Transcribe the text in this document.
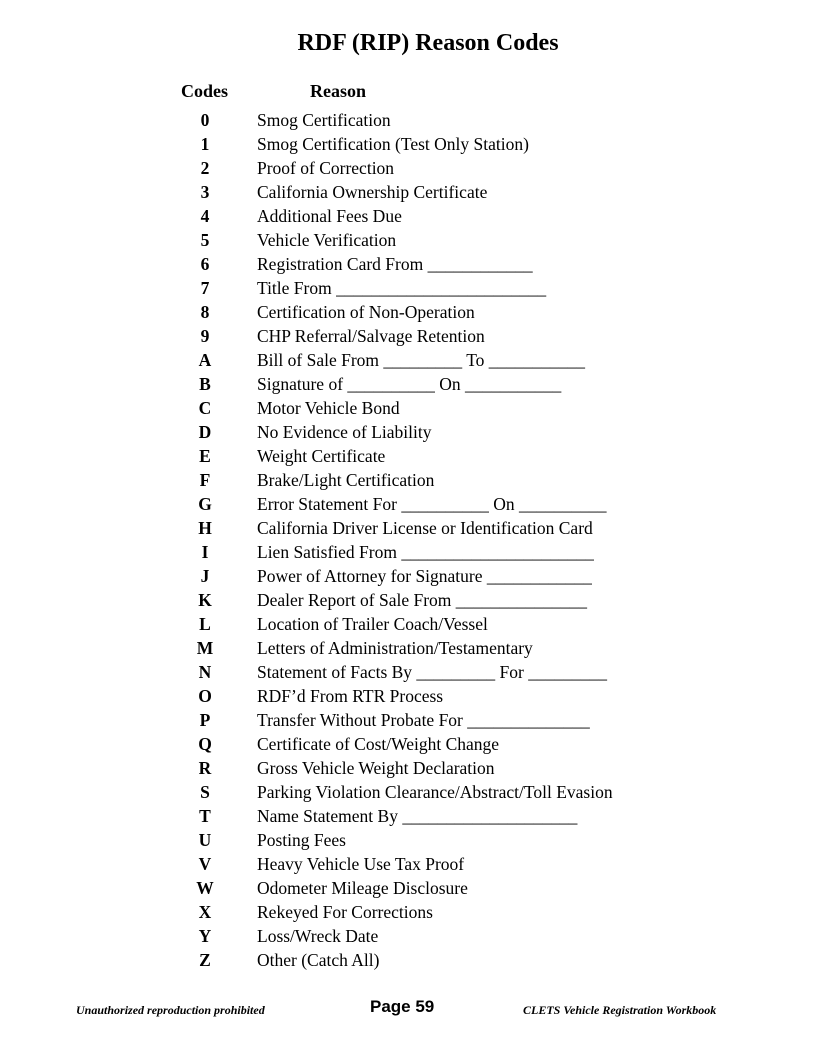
RDF (RIP) Reason Codes
Codes	Reason
0	Smog Certification
1	Smog Certification (Test Only Station)
2	Proof of Correction
3	California Ownership Certificate
4	Additional Fees Due
5	Vehicle Verification
6	Registration Card From ____________
7	Title From ________________________
8	Certification of Non-Operation
9	CHP Referral/Salvage Retention
A	Bill of Sale From _________ To ___________
B	Signature of __________ On ___________
C	Motor Vehicle Bond
D	No Evidence of Liability
E	Weight Certificate
F	Brake/Light Certification
G	Error Statement For __________ On __________
H	California Driver License or Identification Card
I	Lien Satisfied From ______________________
J	Power of Attorney for Signature ____________
K	Dealer Report of Sale From _______________
L	Location of Trailer Coach/Vessel
M	Letters of Administration/Testamentary
N	Statement of Facts By _________ For _________
O	RDF’d From RTR Process
P	Transfer Without Probate For ______________
Q	Certificate of Cost/Weight Change
R	Gross Vehicle Weight Declaration
S	Parking Violation Clearance/Abstract/Toll Evasion
T	Name Statement By ____________________
U	Posting Fees
V	Heavy Vehicle Use Tax Proof
W	Odometer Mileage Disclosure
X	Rekeyed For Corrections
Y	Loss/Wreck Date
Z	Other (Catch All)
Unauthorized reproduction prohibited	Page 59	CLETS Vehicle Registration Workbook
